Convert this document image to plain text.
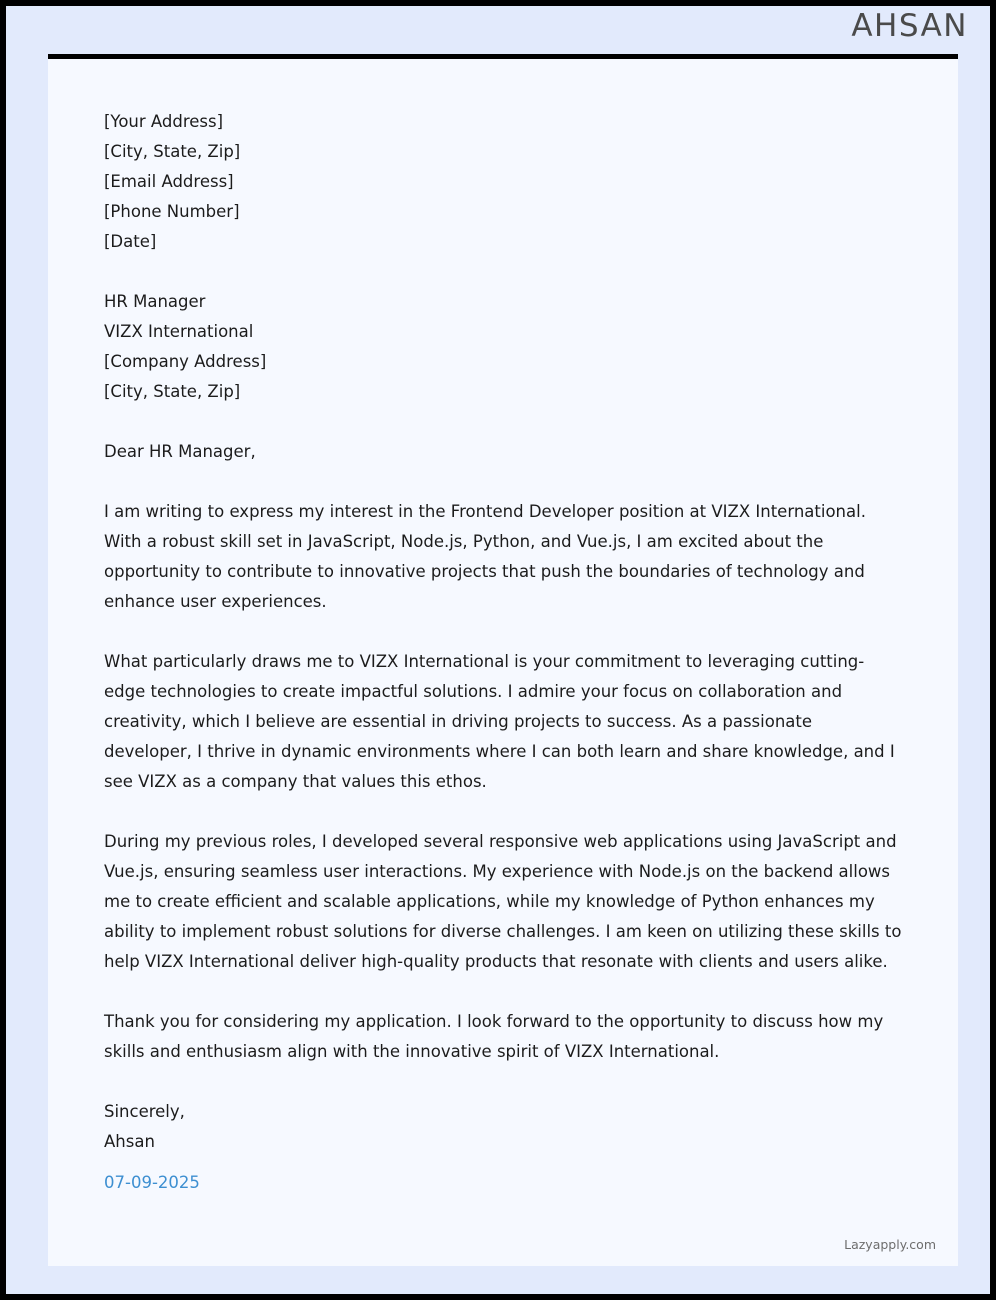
AHSAN
[Your Address]
[City, State, Zip]
[Email Address]
[Phone Number]
[Date]
HR Manager
VIZX International
[Company Address]
[City, State, Zip]
Dear HR Manager,

I am writing to express my interest in the Frontend Developer position at VIZX International. With a robust skill set in JavaScript, Node.js, Python, and Vue.js, I am excited about the opportunity to contribute to innovative projects that push the boundaries of technology and enhance user experiences.

What particularly draws me to VIZX International is your commitment to leveraging cutting-edge technologies to create impactful solutions. I admire your focus on collaboration and creativity, which I believe are essential in driving projects to success. As a passionate developer, I thrive in dynamic environments where I can both learn and share knowledge, and I see VIZX as a company that values this ethos.

During my previous roles, I developed several responsive web applications using JavaScript and Vue.js, ensuring seamless user interactions. My experience with Node.js on the backend allows me to create efficient and scalable applications, while my knowledge of Python enhances my ability to implement robust solutions for diverse challenges. I am keen on utilizing these skills to help VIZX International deliver high-quality products that resonate with clients and users alike.

Thank you for considering my application. I look forward to the opportunity to discuss how my skills and enthusiasm align with the innovative spirit of VIZX International.

Sincerely,
Ahsan
07-09-2025
Lazyapply.com
